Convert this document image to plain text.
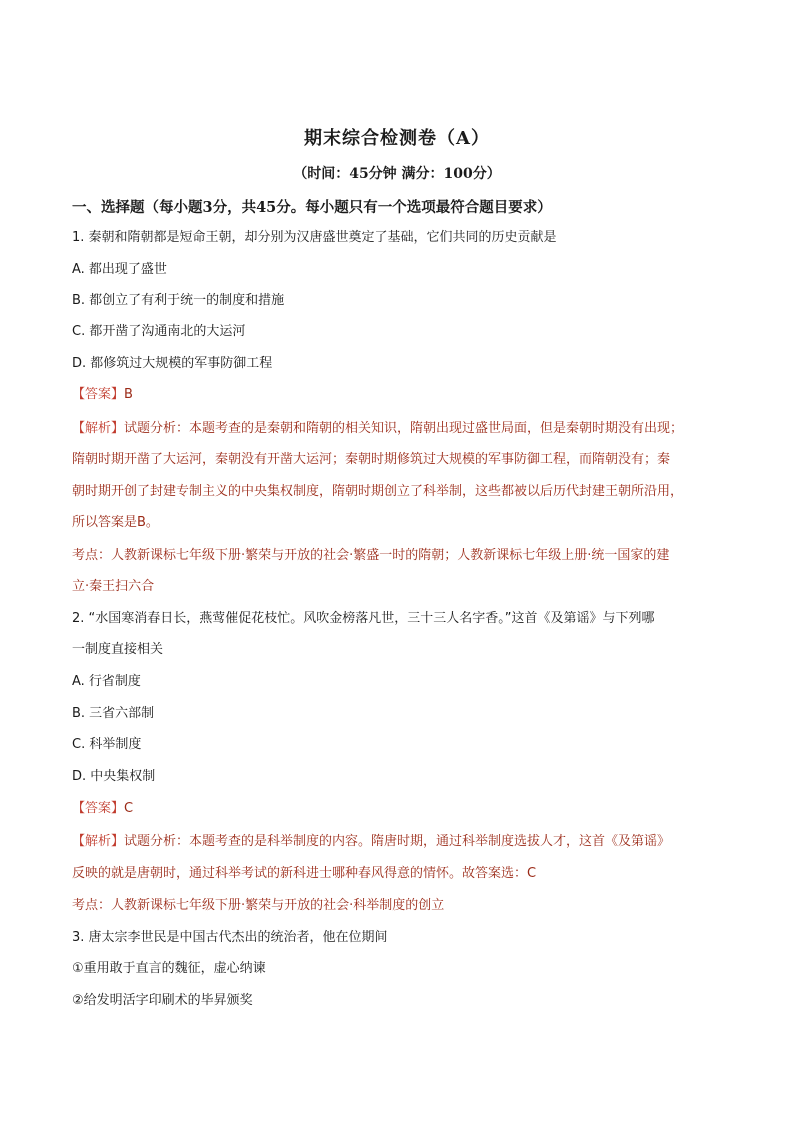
期末综合检测卷（A）
（时间：45分钟 满分：100分）
一、选择题（每小题3分，共45分。每小题只有一个选项最符合题目要求）
1. 秦朝和隋朝都是短命王朝，却分别为汉唐盛世奠定了基础，它们共同的历史贡献是
A. 都出现了盛世
B. 都创立了有利于统一的制度和措施
C. 都开凿了沟通南北的大运河
D. 都修筑过大规模的军事防御工程
【答案】B
【解析】试题分析：本题考查的是秦朝和隋朝的相关知识，隋朝出现过盛世局面，但是秦朝时期没有出现；
隋朝时期开凿了大运河，秦朝没有开凿大运河；秦朝时期修筑过大规模的军事防御工程，而隋朝没有；秦
朝时期开创了封建专制主义的中央集权制度，隋朝时期创立了科举制，这些都被以后历代封建王朝所沿用，
所以答案是B。
考点：人教新课标七年级下册·繁荣与开放的社会·繁盛一时的隋朝；人教新课标七年级上册·统一国家的建
立·秦王扫六合
2. “水国寒消春日长，燕莺催促花枝忙。风吹金榜落凡世，三十三人名字香。”这首《及第谣》与下列哪
一制度直接相关
A. 行省制度
B. 三省六部制
C. 科举制度
D. 中央集权制
【答案】C
【解析】试题分析：本题考查的是科举制度的内容。隋唐时期，通过科举制度选拔人才，这首《及第谣》
反映的就是唐朝时，通过科举考试的新科进士哪种春风得意的情怀。故答案选：C
考点：人教新课标七年级下册·繁荣与开放的社会·科举制度的创立
3. 唐太宗李世民是中国古代杰出的统治者，他在位期间
①重用敢于直言的魏征，虚心纳谏
②给发明活字印刷术的毕昇颁奖
